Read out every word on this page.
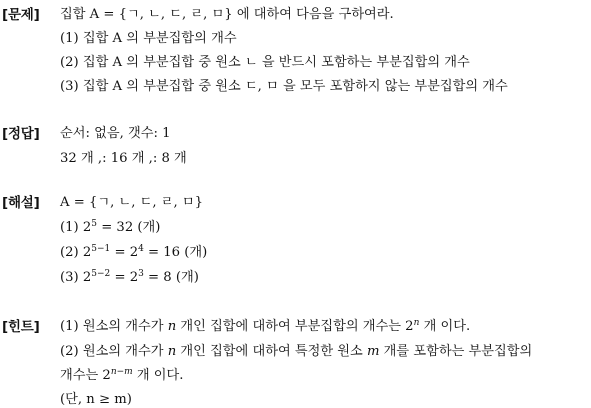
[문제] 집합 A = {ㄱ, ㄴ, ㄷ, ㄹ, ㅁ} 에 대하여 다음을 구하여라.
(1) 집합 A 의 부분집합의 개수
(2) 집합 A 의 부분집합 중 원소 ㄴ 을 반드시 포함하는 부분집합의 개수
(3) 집합 A 의 부분집합 중 원소 ㄷ, ㅁ 을 모두 포함하지 않는 부분집합의 개수
[정답] 순서: 없음, 갯수: 1
32 개 ,: 16 개 ,: 8 개
[해설] A = {ㄱ, ㄴ, ㄷ, ㄹ, ㅁ}
(1) $2^5 = 32$ (개)
(2) $2^{5-1} = 2^4 = 16$ (개)
(3) $2^{5-2} = 2^3 = 8$ (개)
[힌트] (1) 원소의 개수가 n 개인 집합에 대하여 부분집합의 개수는 2$^n$ 개 이다.
(2) 원소의 개수가 n 개인 집합에 대하여 특정한 원소 m 개를 포함하는 부분집합의
개수는 $2^{n-m}$ 개 이다.
(단, n ≥ m)
